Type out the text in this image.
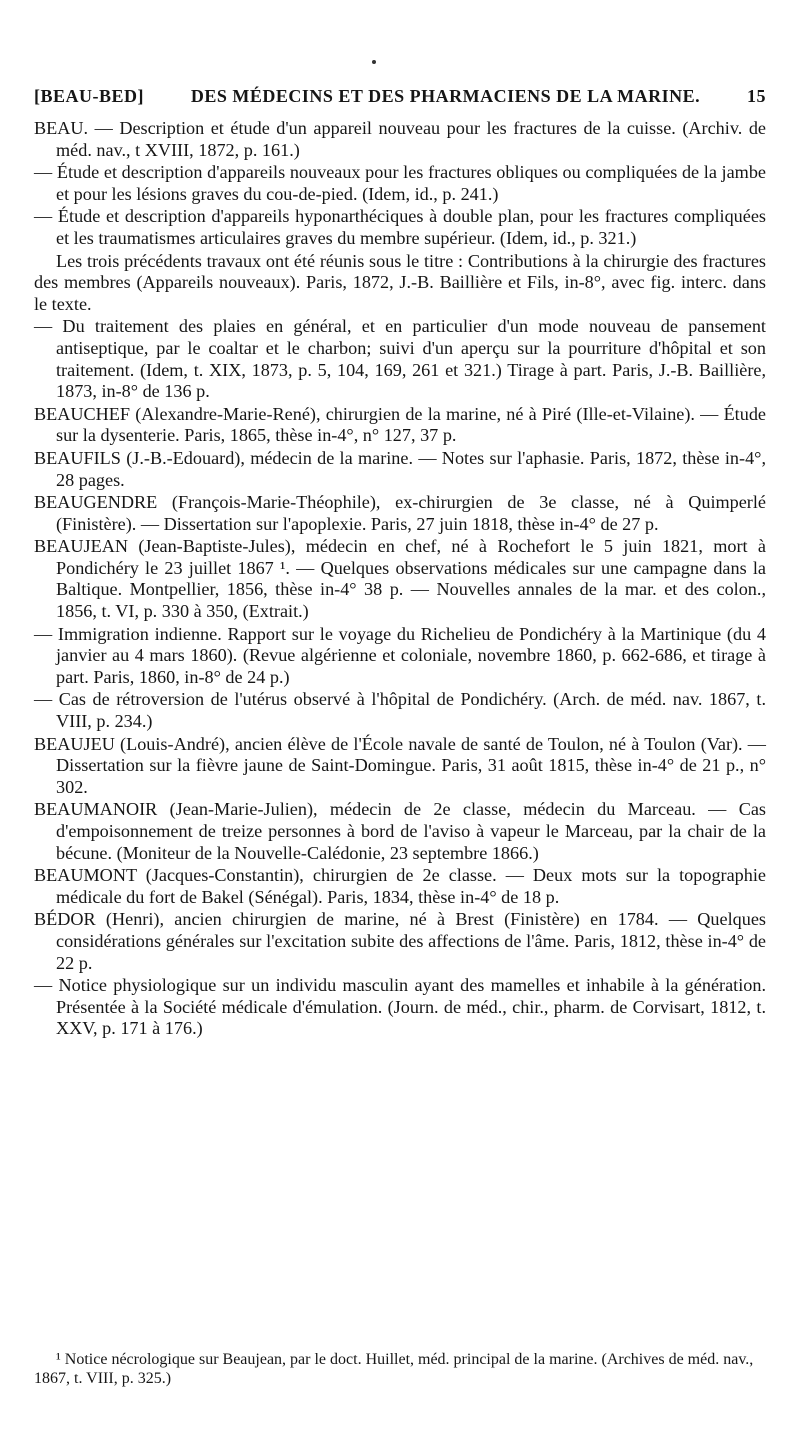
[BEAU-BED]	DES MÉDECINS ET DES PHARMACIENS DE LA MARINE.	15

BEAU. — Description et étude d'un appareil nouveau pour les fractures de la cuisse. (Archiv. de méd. nav., t XVIII, 1872, p. 161.)

— Étude et description d'appareils nouveaux pour les fractures obliques ou compliquées de la jambe et pour les lésions graves du cou-de-pied. (Idem, id., p. 241.)

— Étude et description d'appareils hyponarthéciques à double plan, pour les fractures compliquées et les traumatismes articulaires graves du membre supérieur. (Idem, id., p. 321.)

Les trois précédents travaux ont été réunis sous le titre : Contributions à la chirurgie des fractures des membres (Appareils nouveaux). Paris, 1872, J.-B. Baillière et Fils, in-8°, avec fig. interc. dans le texte.

— Du traitement des plaies en général, et en particulier d'un mode nouveau de pansement antiseptique, par le coaltar et le charbon; suivi d'un aperçu sur la pourriture d'hôpital et son traitement. (Idem, t. XIX, 1873, p. 5, 104, 169, 261 et 321.) Tirage à part. Paris, J.-B. Baillière, 1873, in-8° de 136 p.

BEAUCHEF (Alexandre-Marie-René), chirurgien de la marine, né à Piré (Ille-et-Vilaine). — Étude sur la dysenterie. Paris, 1865, thèse in-4°, n° 127, 37 p.

BEAUFILS (J.-B.-Edouard), médecin de la marine. — Notes sur l'aphasie. Paris, 1872, thèse in-4°, 28 pages.

BEAUGENDRE (François-Marie-Théophile), ex-chirurgien de 3e classe, né à Quimperlé (Finistère). — Dissertation sur l'apoplexie. Paris, 27 juin 1818, thèse in-4° de 27 p.

BEAUJEAN (Jean-Baptiste-Jules), médecin en chef, né à Rochefort le 5 juin 1821, mort à Pondichéry le 23 juillet 1867 ¹. — Quelques observations médicales sur une campagne dans la Baltique. Montpellier, 1856, thèse in-4° 38 p. — Nouvelles annales de la mar. et des colon., 1856, t. VI, p. 330 à 350, (Extrait.)

— Immigration indienne. Rapport sur le voyage du Richelieu de Pondichéry à la Martinique (du 4 janvier au 4 mars 1860). (Revue algérienne et coloniale, novembre 1860, p. 662-686, et tirage à part. Paris, 1860, in-8° de 24 p.)

— Cas de rétroversion de l'utérus observé à l'hôpital de Pondichéry. (Arch. de méd. nav. 1867, t. VIII, p. 234.)

BEAUJEU (Louis-André), ancien élève de l'École navale de santé de Toulon, né à Toulon (Var). — Dissertation sur la fièvre jaune de Saint-Domingue. Paris, 31 août 1815, thèse in-4° de 21 p., n° 302.

BEAUMANOIR (Jean-Marie-Julien), médecin de 2e classe, médecin du Marceau. — Cas d'empoisonnement de treize personnes à bord de l'aviso à vapeur le Marceau, par la chair de la bécune. (Moniteur de la Nouvelle-Calédonie, 23 septembre 1866.)

BEAUMONT (Jacques-Constantin), chirurgien de 2e classe. — Deux mots sur la topographie médicale du fort de Bakel (Sénégal). Paris, 1834, thèse in-4° de 18 p.

BÉDOR (Henri), ancien chirurgien de marine, né à Brest (Finistère) en 1784. — Quelques considérations générales sur l'excitation subite des affections de l'âme. Paris, 1812, thèse in-4° de 22 p.

— Notice physiologique sur un individu masculin ayant des mamelles et inhabile à la génération. Présentée à la Société médicale d'émulation. (Journ. de méd., chir., pharm. de Corvisart, 1812, t. XXV, p. 171 à 176.)

¹ Notice nécrologique sur Beaujean, par le doct. Huillet, méd. principal de la marine. (Archives de méd. nav., 1867, t. VIII, p. 325.)
